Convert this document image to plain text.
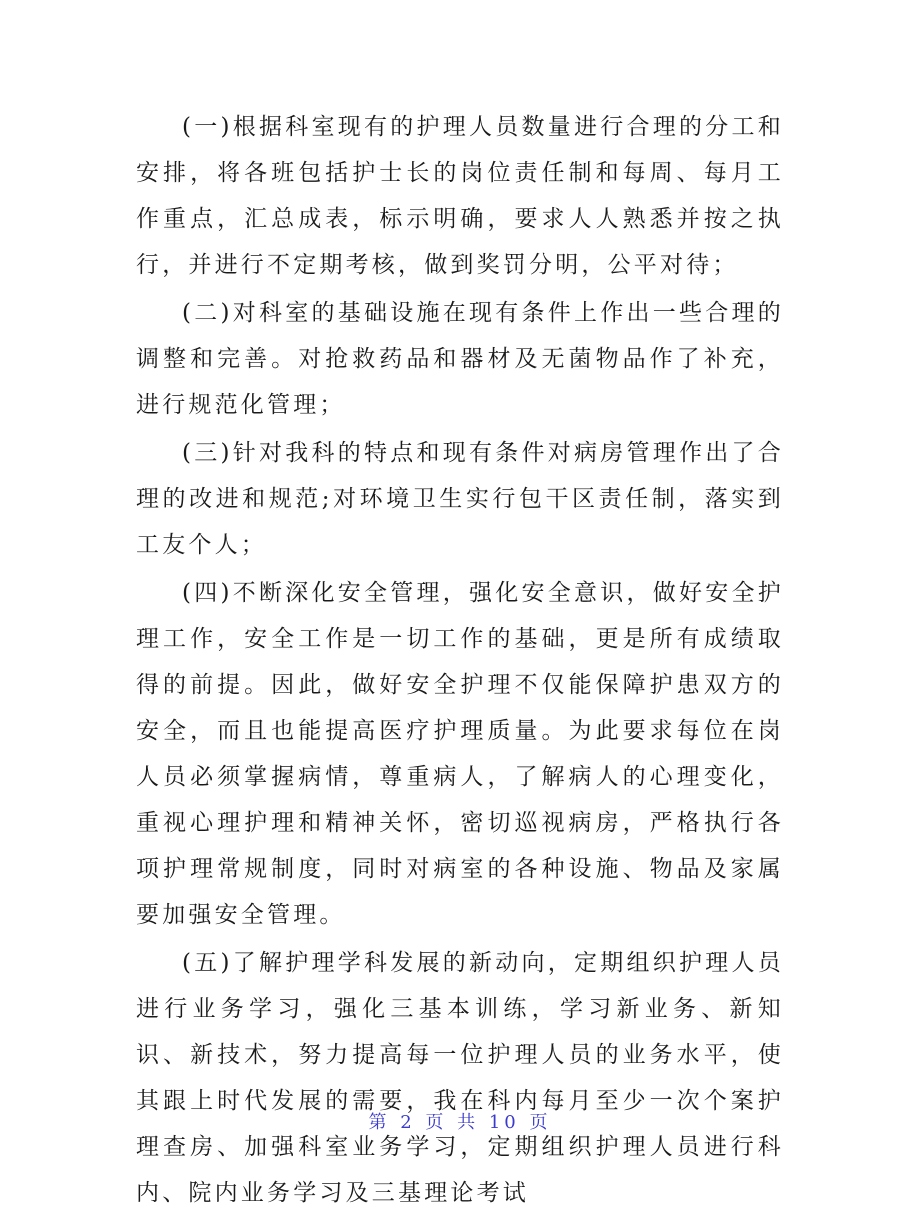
(一)根据科室现有的护理人员数量进行合理的分工和安排，将各班包括护士长的岗位责任制和每周、每月工作重点，汇总成表，标示明确，要求人人熟悉并按之执行，并进行不定期考核，做到奖罚分明，公平对待；

(二)对科室的基础设施在现有条件上作出一些合理的调整和完善。对抢救药品和器材及无菌物品作了补充，进行规范化管理；

(三)针对我科的特点和现有条件对病房管理作出了合理的改进和规范;对环境卫生实行包干区责任制，落实到工友个人；

(四)不断深化安全管理，强化安全意识，做好安全护理工作，安全工作是一切工作的基础，更是所有成绩取得的前提。因此，做好安全护理不仅能保障护患双方的安全，而且也能提高医疗护理质量。为此要求每位在岗人员必须掌握病情，尊重病人，了解病人的心理变化，重视心理护理和精神关怀，密切巡视病房，严格执行各项护理常规制度，同时对病室的各种设施、物品及家属要加强安全管理。

(五)了解护理学科发展的新动向，定期组织护理人员进行业务学习，强化三基本训练，学习新业务、新知识、新技术，努力提高每一位护理人员的业务水平，使其跟上时代发展的需要，我在科内每月至少一次个案护理查房、加强科室业务学习，定期组织护理人员进行科内、院内业务学习及三基理论考试

第 2 页 共 10 页
